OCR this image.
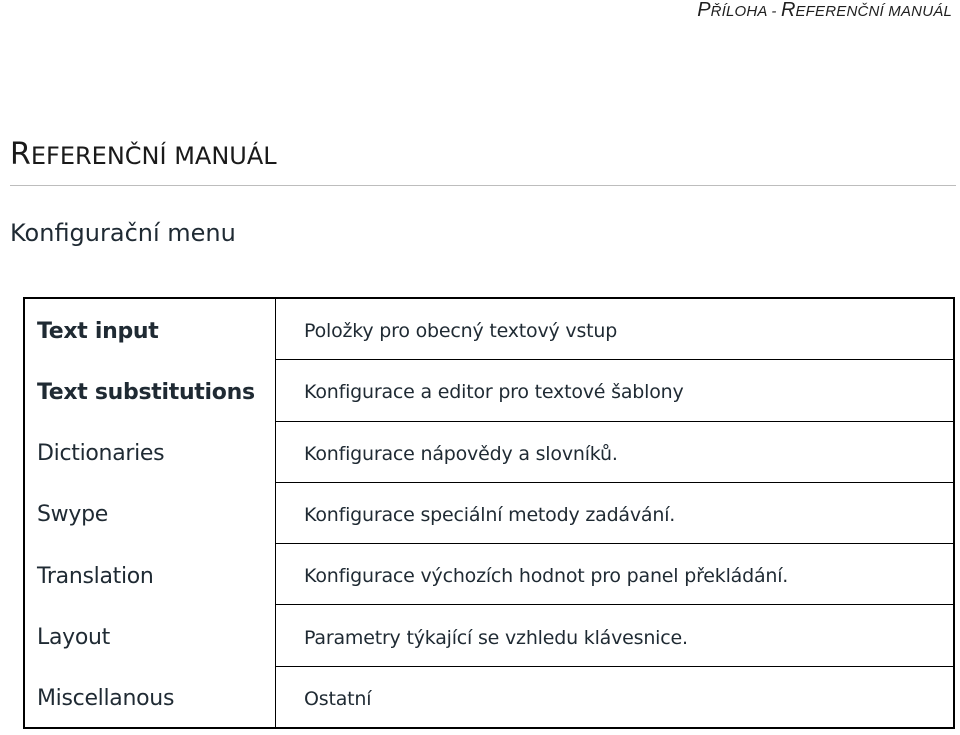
PŘÍLOHA - REFERENČNÍ MANUÁL
REFERENČNÍ MANUÁL
Konfigurační menu
Text input
Text substitutions
Dictionaries
Swype
Translation
Layout
Miscellanous
Položky pro obecný textový vstup
Konfigurace a editor pro textové šablony
Konfigurace nápovědy a slovníků.
Konfigurace speciální metody zadávání.
Konfigurace výchozích hodnot pro panel překládání.
Parametry týkající se vzhledu klávesnice.
Ostatní
